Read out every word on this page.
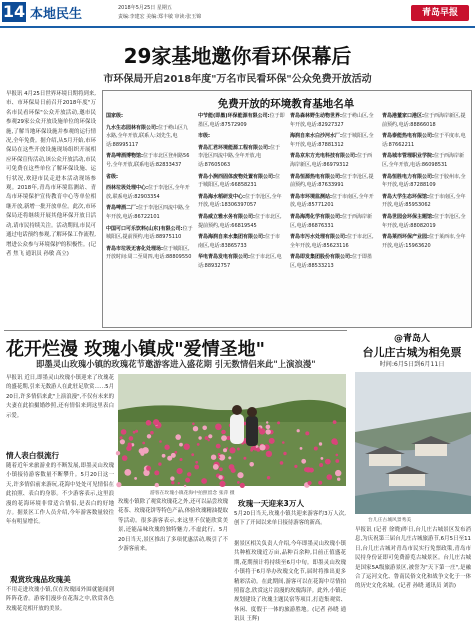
14 本地民生	2018年5月25日 星期五
责编:李建宏 美编:郑丰敏 审读:张玉锦	青岛早报
29家基地邀你看环保幕后
市环保局开启2018年度"万名市民看环保"公众免费开放活动
早报讯 4月25日世界环境日期将到来,市、市环保局日前召开2018年度"万名市民看环保"公众开放活动,邀市民参观29家公众开放设施单位的环保设施,了解当地环保设施并参观的运行情况,全年免费。据介绍,从5月开始,市环保局在这些开放设施现场组织开展相应环保宣传活动,该公众开放活动,市民可免费在这些单位了解环保设施、运行状况,欢迎市民走进本活动现场参观。2018年,青岛市环境监测站、青岛市环境保护宣传教育中心等单位相继开放,新增一批开放单位。此次,市环保局还将继续开展其他环保开放日活动,请市民持续关注。活动期间,市民可通过电话预约参观,了解环保工作流程,增进公众参与环境保护的积极性。(记者 焦飞 通讯员 孙敏 高立)
免费开放的环境教育基地名单
国家级:
九水生态园林有限公司:位于崂山区九水路,全年开放,联系人:刘先生,电话:88995117
青岛啤酒博物馆:位于市北区登州路56号,全年开放,联系电话:82833437
省级:
西林垃圾处理中心:位于李沧区,全年开放,联系电话:82903354
青岛啤酒二厂:位于李沧区四流中路,全年开放,电话:86722101
中国可口可乐饮料(山东)有限公司:位于城阳区,提前预约,电话:88975110
青岛市垃圾无害化处理场:位于城阳区,开放时间:周二至周四,电话:88809550
中节能(即墨)环保能源有限公司:位于即墨区,电话:87572909
市级:
青岛汇君环境能源工程有限公司:位于李沧区四流中路,全年开放,电话:87605063
青岛小涧西固体废物处置有限公司:位于城阳区,电话:66858231
青岛海水稻研发中心:位于李沧区,全年开放,电话:18306397057
青岛威立雅水务有限公司:位于市北区,提前预约,电话:66819545
青岛海润自来水集团有限公司:位于市南区,电话:83865733
华电青岛发电有限公司:位于市北区,电话:88932757
青岛森林野生动物世界:位于崂山区,全年开放,电话:82927327
海润自来水白沙河水厂:位于城阳区,全年开放,电话:87881312
青岛京东方光电科技有限公司:位于西海岸新区,电话:86979312
青岛恒源热电有限公司:位于李沧区,提前预约,电话:87633991
青岛市环境监测站:位于市南区,全年开放,电话:85771201
青岛海湾化学有限公司:位于西海岸新区,电话:86876331
青岛市污水处理有限公司:位于市北区,全年开放,电话:85623116
青岛即发集团股份有限公司:位于即墨区,电话:88533213
青岛港董家口港区:位于西海岸新区,提前预约,电话:88866018
青岛泰能热电有限公司:位于平度市,电话:87662211
青岛城市管理职业学院:位于西海岸新区,全年开放,电话:86098531
青岛恒胜电力有限公司:位于胶州市,全年开放,电话:87288109
青岛大学生态环保馆:位于市南区,全年开放,电话:85953062
青岛世园会环保主题馆:位于李沧区,全年开放,电话:88082019
青岛莱西环保产业园:位于莱西市,全年开放,电话:15963620
花开烂漫 玫瑰小镇成"爱情圣地"
即墨灵山玫瑰小镇的玫瑰花节邀游客进入盛花期 引无数情侣来此"上演浪漫"
早报讯 近日,即墨灵山玫瑰小镇迎来了玫瑰花的盛花期,引来无数游人在此驻足欣赏……5月20日,许多情侣来此"上演浪漫",不仅有未来的夫妻在此拍摄婚纱照,还有情侣来到这里表白示爱。
情人表白很流行
随着近年来旅游业的不断发展,即墨灵山玫瑰小镇接待游客数量不断攀升。5月20日这一天,许多情侣前来游玩,花海中处处可见情侣在此拍照、表白的身影。不少游客表示,这里浪漫的花海环境非常适合情侣,是表白的好地方。据景区工作人员介绍,今年游客数量较往年有明显增长。
观赏玫瑰品玫瑰美
不用走进玫瑰小镇,仅在玫瑰园外围就能闻到阵阵花香。游客们漫步在花海之中,欣赏各色玫瑰花竞相开放的美景。
游客在玫瑰小镇花海中拍照留念 张萍 摄
玫瑰小镇除了观赏玫瑰花之外,还可以品尝玫瑰花茶、玫瑰花饼等特色产品,体验玫瑰精油提取等活动。很多游客表示,来这里不仅能欣赏美景,还能品味玫瑰的独特魅力,不虚此行。5月20日当天,景区推出了多项优惠活动,吸引了不少游客前来。
玫瑰一天迎来3万人
5月20日当天,玫瑰小镇共迎来游客约3万人次,创下了开园以来单日接待游客的新高。
据景区相关负责人介绍,今年即墨灵山玫瑰小镇共种植玫瑰近万亩,品种百余种,目前正值盛花期,花期预计将持续至6月中旬。即墨灵山玫瑰小镇将于6月举办玫瑰文化节,届时将推出更多精彩活动。在此期间,游客可以在花海中尽情拍照留念,欣赏这片浪漫的玫瑰海洋。此外,小镇还规划建设了玫瑰主题民宿等项目,打造集观赏、休闲、度假于一体的旅游胜地。(记者 孙晓 通讯员 王辉)
@青岛人
台儿庄古城为相免票
时间:6月5日到6月11日
台儿庄古城风景秀美
早报讯 (记者 徐晓)昨日,台儿庄古城景区发布消息,为庆祝第三届台儿庄古城旅游节,6月5日至11日,台儿庄古城对青岛市民实行免票政策,青岛市民持身份证即可免费游览古城景区。台儿庄古城是国家5A级旅游景区,被誉为"天下第一庄",是融合了运河文化、鲁南民俗文化和战争文化于一体的历史文化名城。(记者 孙晓 通讯员 刘浩)
